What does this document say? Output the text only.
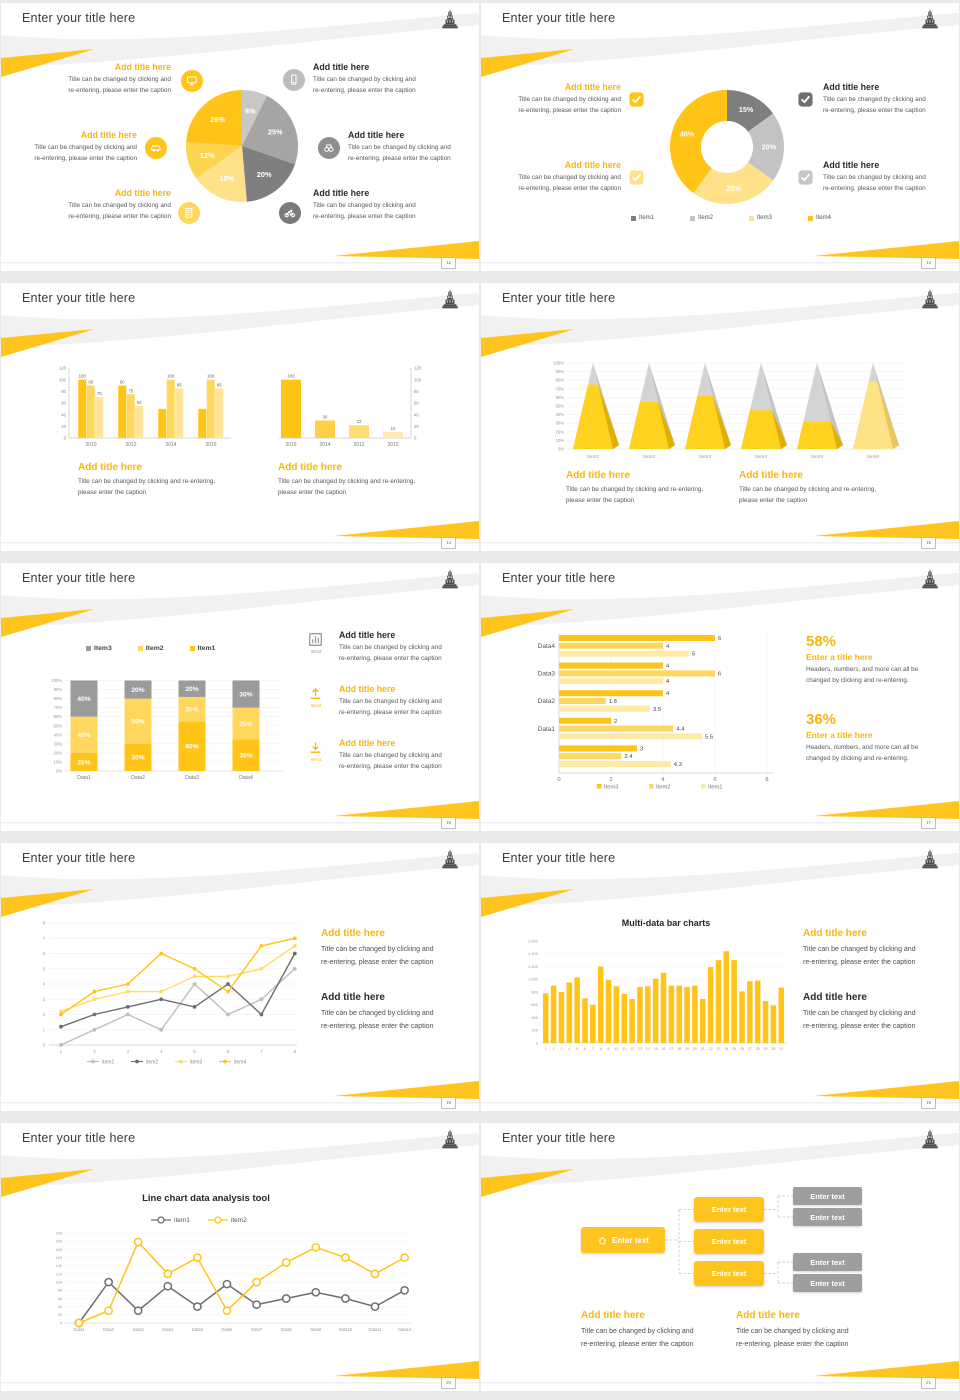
Enter your title here
8%
25%
20%
18%
12%
26%
Add title here
Title can be changed by clicking and
re-entering, please enter the caption
Add title here
Title can be changed by clicking and
re-entering, please enter the caption
Add title here
Title can be changed by clicking and
re-entering, please enter the caption
Add title here
Title can be changed by clicking and
re-entering, please enter the caption
Add title here
Title can be changed by clicking and
re-entering, please enter the caption
Add title here
Title can be changed by clicking and
re-entering, please enter the caption
12
Enter your title here
15%
20%
25%
40%
Item1	Item2	Item3	Item4
Add title here
Title can be changed by clicking and
re-entering, please enter the caption
Add title here
Title can be changed by clicking and
re-entering, please enter the caption
Add title here
Title can be changed by clicking and
re-entering, please enter the caption
Add title here
Title can be changed by clicking and
re-entering, please enter the caption
13
Enter your title here
0
20
40
60
80
100
120
2010
100
90
70
2012
90
75
55
2014
100
85
2016
100
85
0
20
40
60
80
100
120
2016
100
2014
30
2012
22
2010
10
Add title here
Title can be changed by clicking and re-entering,
please enter the caption
Add title here
Title can be changed by clicking and re-entering,
please enter the caption
14
Enter your title here
0%
10%
20%
30%
40%
50%
60%
70%
80%
90%
100%
Item1	Item2	Item3	Item4	Item5	Item6
Add title here
Title can be changed by clicking and re-entering,
please enter the caption
Add title here
Title can be changed by clicking and re-entering,
please enter the caption
15
Enter your title here
0%
10%
20%
30%
40%
50%
60%
70%
80%
90%
100%
20%
40%
40%
Data1
30%
50%
20%
Data2
60%
30%
20%
Data3
35%
35%
30%
Data4
Item3	Item2	Item1	Item3
Add title here
Title can be changed by clicking and
re-entering, please enter the caption
Item2
Add title here
Title can be changed by clicking and
re-entering, please enter the caption
Item1
Add title here
Title can be changed by clicking and
re-entering, please enter the caption
16
Enter your title here
0	2	4	6	8
Data4
6
4
5
Data3
4
6
4
Data2
4
1.8
3.5
Data1
2
4.4
5.5
3
2.4
4.3
Item3	Item2	Item1
58%
Enter a title here
Headers, numbers, and more can all be
changed by clicking and re-entering.
36%
Enter a title here
Headers, numbers, and more can all be
changed by clicking and re-entering.
17
Enter your title here
0
1
2
3
4
5
6
7
8
1	2	3	4	5	6	7	8
item1	item2	item3	item4
Add title here
Title can be changed by clicking and
re-entering, please enter the caption
Add title here
Title can be changed by clicking and
re-entering, please enter the caption
18
Enter your title here
Multi-data bar charts
0
200
400
600
800
1,000
1,200
1,400
1,600
1 2 3 4 5 6 7 8 9 10 11 12 13 14 15 16 17 18 19 20 21 22 23 24 25 26 27 28 29 30 31
Add title here
Title can be changed by clicking and
re-entering, please enter the caption
Add title here
Title can be changed by clicking and
re-entering, please enter the caption
19
Enter your title here
Line chart data analysis tool
item1	item2
0
20
40
60
80
100
120
140
160
180
200
220
Data1	Data2	Data3	Data4	Data5	Data6	Data7	Data8	Data9	Data10	Data11	Data12
20
Enter your title here
Enter text
Enter text
Enter text
Enter text
Enter text
Enter text
Enter text
Enter text
Add title here
Title can be changed by clicking and
re-entering, please enter the caption
Add title here
Title can be changed by clicking and
re-entering, please enter the caption
21
